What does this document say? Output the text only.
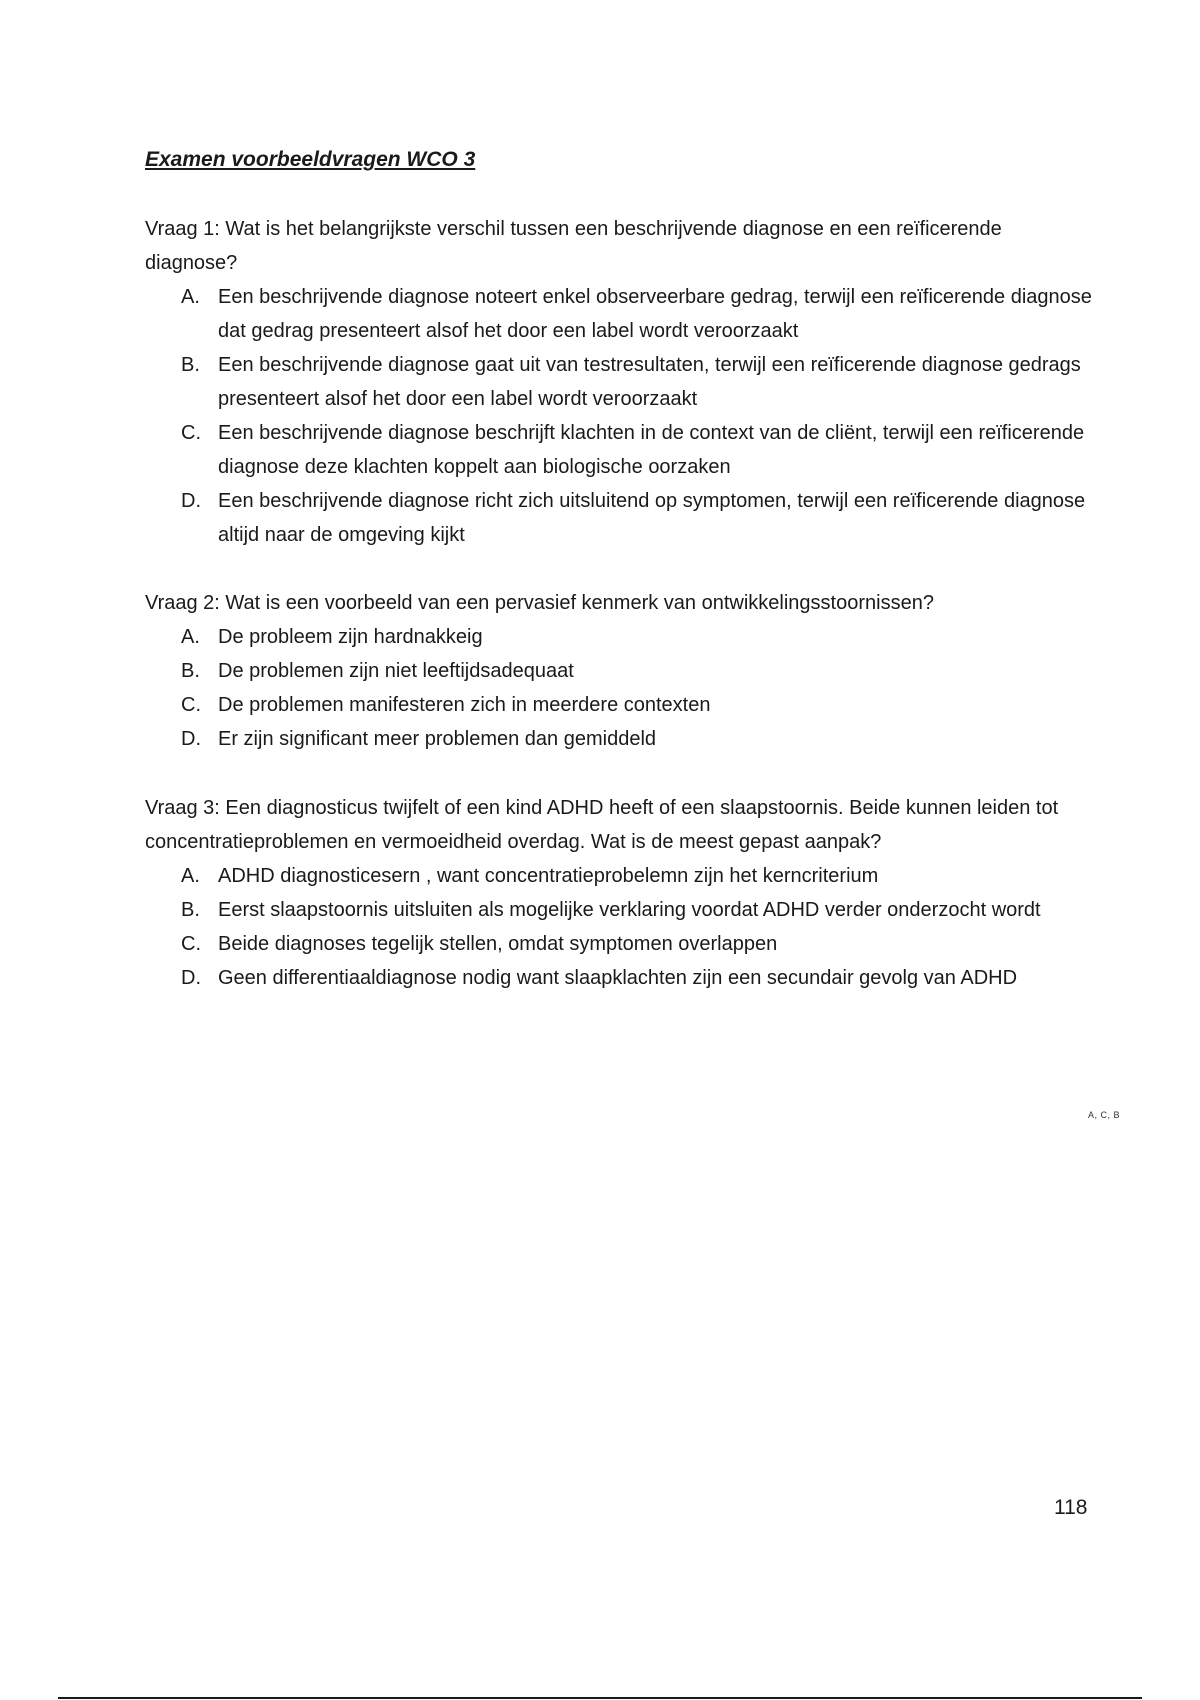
Examen voorbeeldvragen WCO 3

Vraag 1: Wat is het belangrijkste verschil tussen een beschrijvende diagnose en een reïficerende diagnose?

A. Een beschrijvende diagnose noteert enkel observeerbare gedrag, terwijl een reïficerende diagnose dat gedrag presenteert alsof het door een label wordt veroorzaakt
B. Een beschrijvende diagnose gaat uit van testresultaten, terwijl een reïficerende diagnose gedrags presenteert alsof het door een label wordt veroorzaakt
C. Een beschrijvende diagnose beschrijft klachten in de context van de cliënt, terwijl een reïficerende diagnose deze klachten koppelt aan biologische oorzaken
D. Een beschrijvende diagnose richt zich uitsluitend op symptomen, terwijl een reïficerende diagnose altijd naar de omgeving kijkt

Vraag 2: Wat is een voorbeeld van een pervasief kenmerk van ontwikkelingsstoornissen?

A. De probleem zijn hardnakkeig
B. De problemen zijn niet leeftijdsadequaat
C. De problemen manifesteren zich in meerdere contexten
D. Er zijn significant meer problemen dan gemiddeld

Vraag 3: Een diagnosticus twijfelt of een kind ADHD heeft of een slaapstoornis. Beide kunnen leiden tot concentratieproblemen en vermoeidheid overdag. Wat is de meest gepast aanpak?

A. ADHD diagnosticesern , want concentratieprobelemn zijn het kerncriterium
B. Eerst slaapstoornis uitsluiten als mogelijke verklaring voordat ADHD verder onderzocht wordt
C. Beide diagnoses tegelijk stellen, omdat symptomen overlappen
D. Geen differentiaaldiagnose nodig want slaapklachten zijn een secundair gevolg van ADHD
A, C, B
118
